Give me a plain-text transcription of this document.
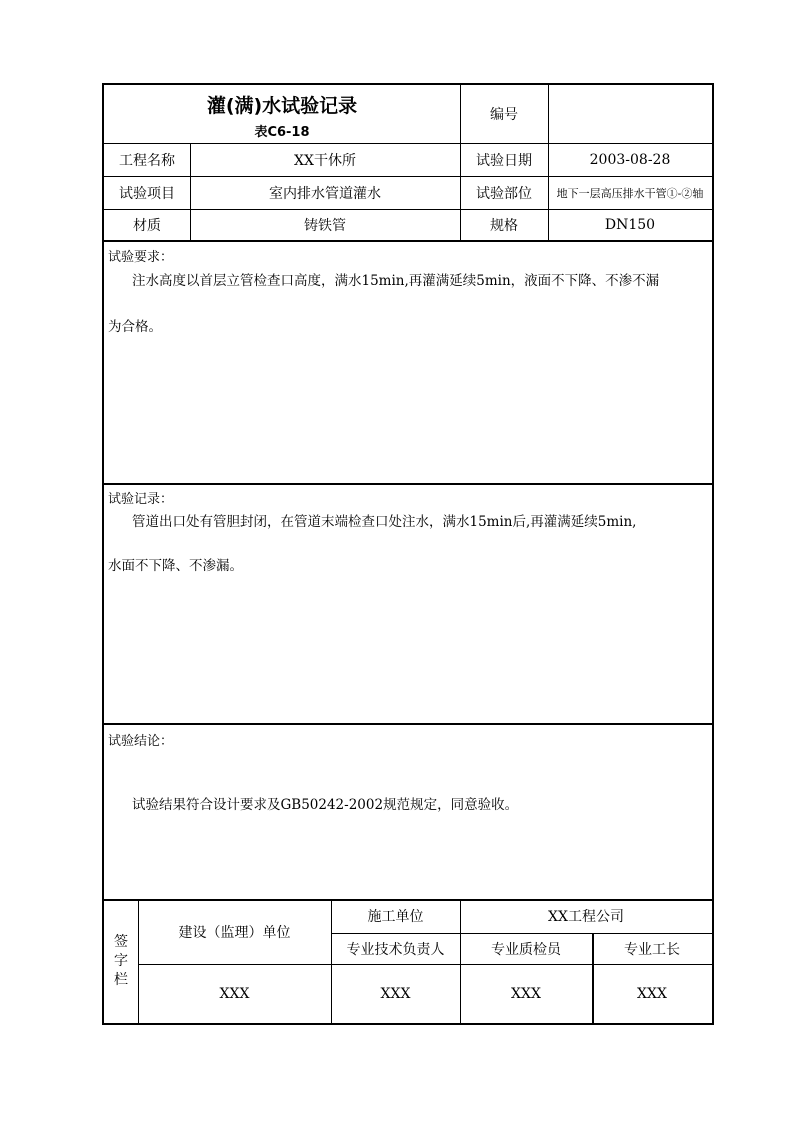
灌(满)水试验记录
表C6-18
编号
工程名称	XX干休所	试验日期	2003-08-28
试验项目	室内排水管道灌水	试验部位	地下一层高压排水干管①-②轴
材质	铸铁管	规格	DN150
试验要求：
注水高度以首层立管检查口高度，满水15min,再灌满延续5min，液面不下降、不渗不漏
为合格。
试验记录：
管道出口处有管胆封闭，在管道末端检查口处注水，满水15min后,再灌满延续5min,
水面不下降、不渗漏。
试验结论：
试验结果符合设计要求及GB50242-2002规范规定，同意验收。
签字栏
建设（监理）单位
施工单位	XX工程公司
专业技术负责人	专业质检员	专业工长
XXX	XXX	XXX	XXX
